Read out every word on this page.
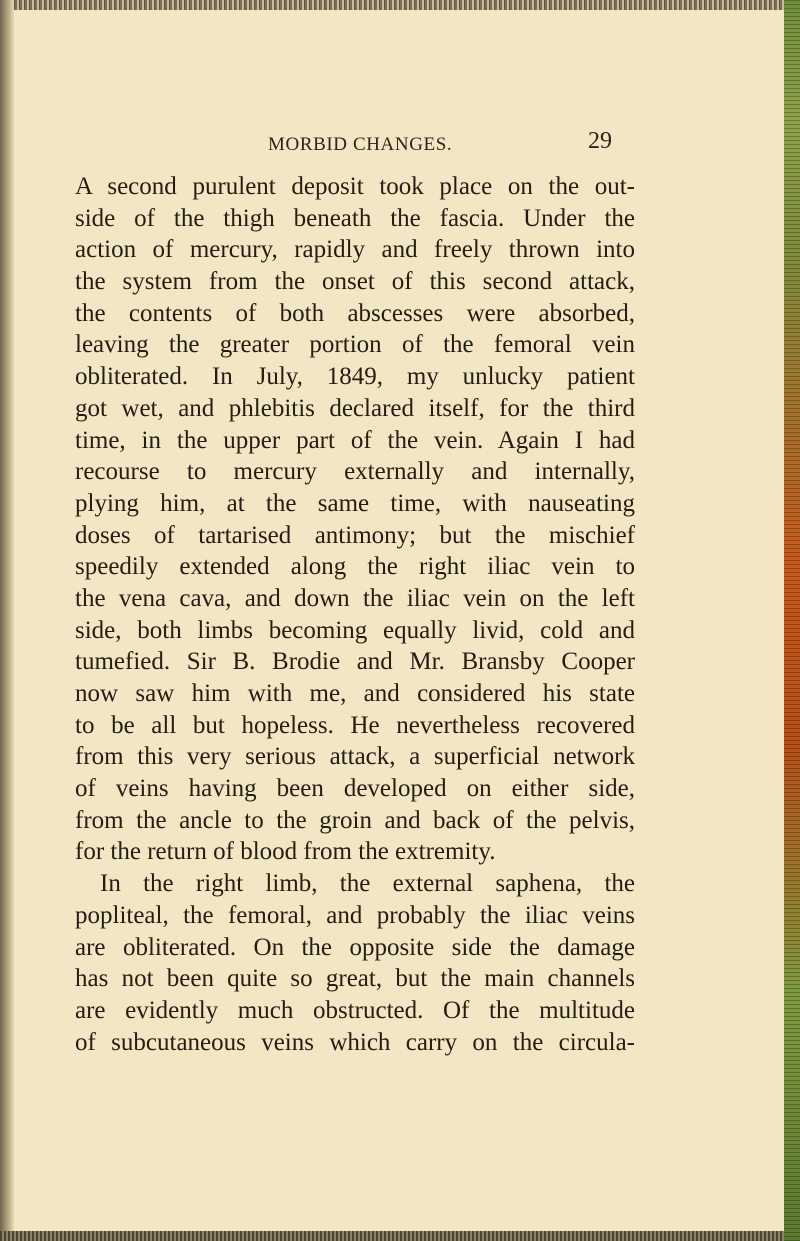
MORBID CHANGES.	29
A second purulent deposit took place on the out-
side of the thigh beneath the fascia. Under the
action of mercury, rapidly and freely thrown into
the system from the onset of this second attack,
the contents of both abscesses were absorbed,
leaving the greater portion of the femoral vein
obliterated. In July, 1849, my unlucky patient
got wet, and phlebitis declared itself, for the third
time, in the upper part of the vein. Again I had
recourse to mercury externally and internally,
plying him, at the same time, with nauseating
doses of tartarised antimony; but the mischief
speedily extended along the right iliac vein to
the vena cava, and down the iliac vein on the left
side, both limbs becoming equally livid, cold and
tumefied. Sir B. Brodie and Mr. Bransby Cooper
now saw him with me, and considered his state
to be all but hopeless. He nevertheless recovered
from this very serious attack, a superficial network
of veins having been developed on either side,
from the ancle to the groin and back of the pelvis,
for the return of blood from the extremity.
In the right limb, the external saphena, the
popliteal, the femoral, and probably the iliac veins
are obliterated. On the opposite side the damage
has not been quite so great, but the main channels
are evidently much obstructed. Of the multitude
of subcutaneous veins which carry on the circula-
